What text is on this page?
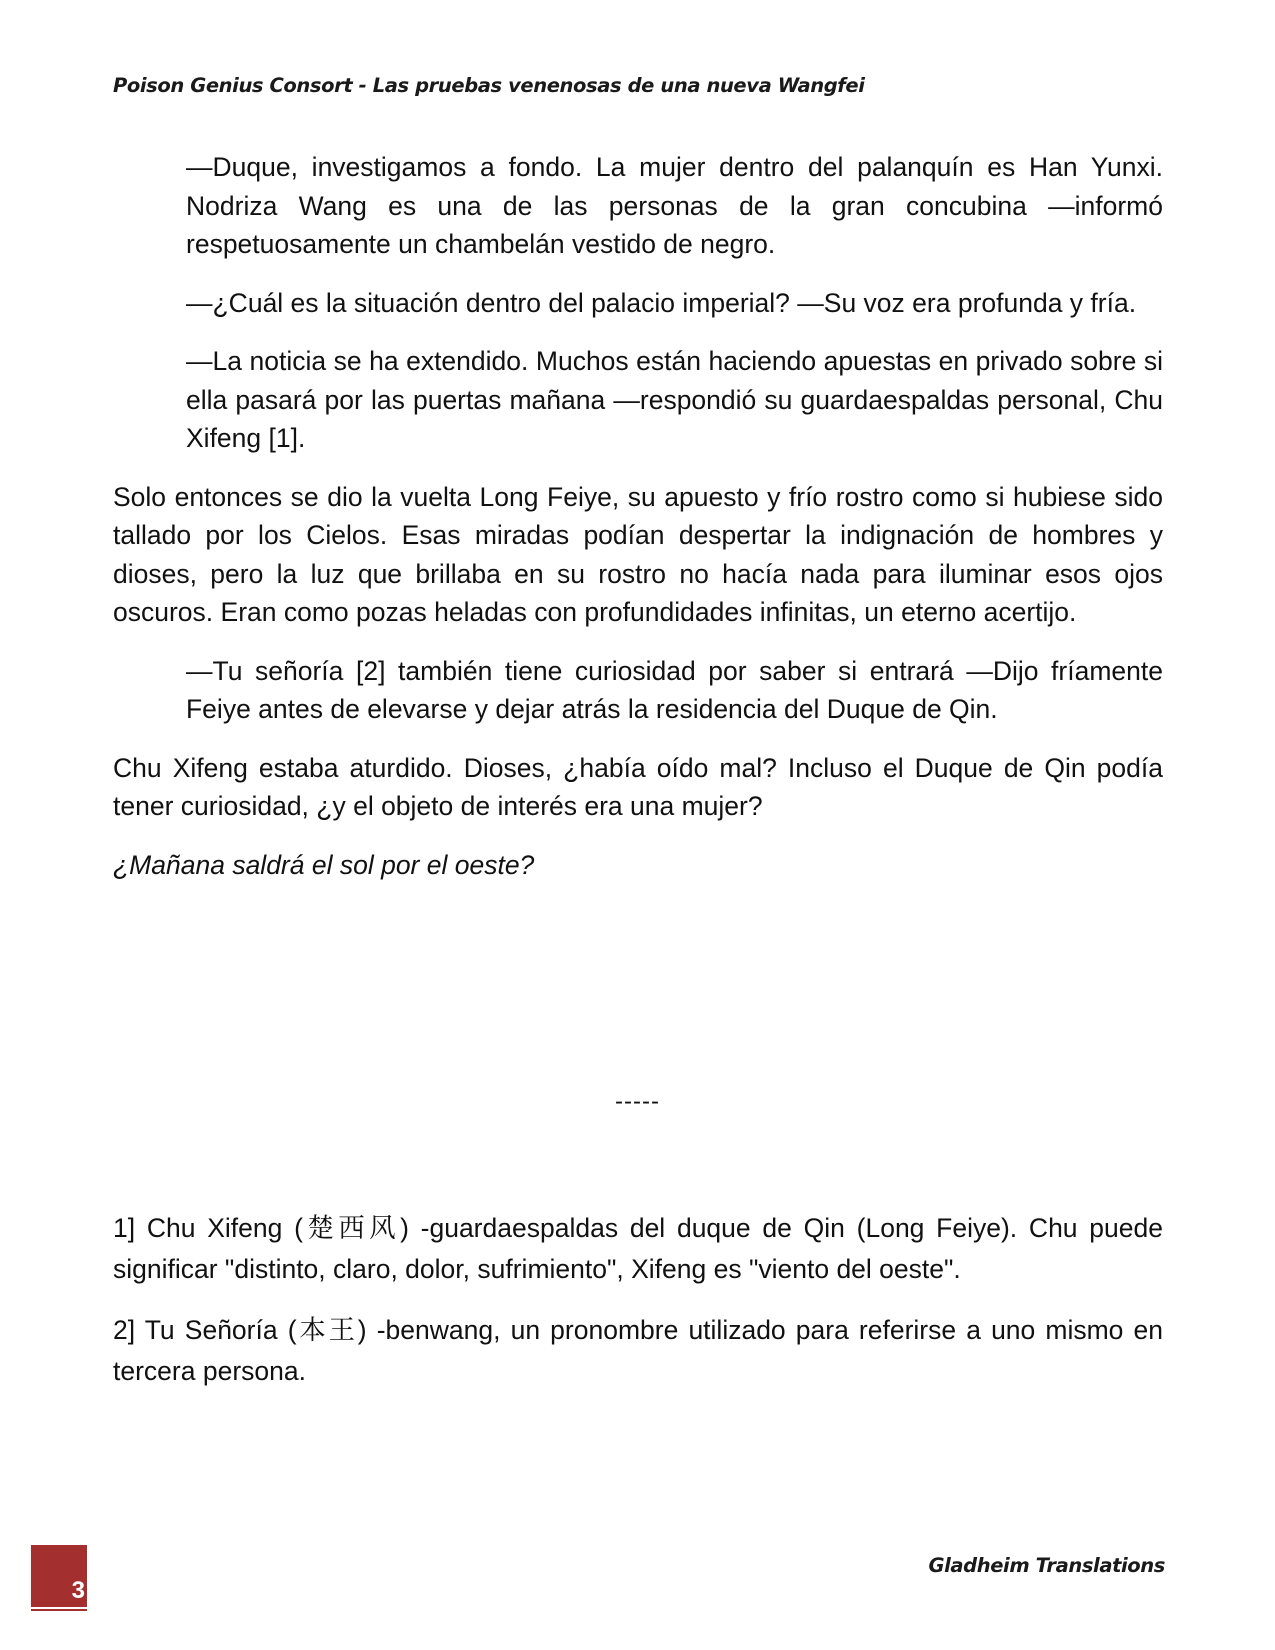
Poison Genius Consort - Las pruebas venenosas de una nueva Wangfei

—Duque, investigamos a fondo. La mujer dentro del palanquín es Han Yunxi. Nodriza Wang es una de las personas de la gran concubina —informó respetuosamente un chambelán vestido de negro.

—¿Cuál es la situación dentro del palacio imperial? —Su voz era profunda y fría.

—La noticia se ha extendido. Muchos están haciendo apuestas en privado sobre si ella pasará por las puertas mañana —respondió su guardaespaldas personal, Chu Xifeng [1].

Solo entonces se dio la vuelta Long Feiye, su apuesto y frío rostro como si hubiese sido tallado por los Cielos. Esas miradas podían despertar la indignación de hombres y dioses, pero la luz que brillaba en su rostro no hacía nada para iluminar esos ojos oscuros. Eran como pozas heladas con profundidades infinitas, un eterno acertijo.

—Tu señoría [2] también tiene curiosidad por saber si entrará —Dijo fríamente Feiye antes de elevarse y dejar atrás la residencia del Duque de Qin.

Chu Xifeng estaba aturdido. Dioses, ¿había oído mal? Incluso el Duque de Qin podía tener curiosidad, ¿y el objeto de interés era una mujer?

¿Mañana saldrá el sol por el oeste?

-----

1] Chu Xifeng (楚西风) -guardaespaldas del duque de Qin (Long Feiye). Chu puede significar "distinto, claro, dolor, sufrimiento", Xifeng es "viento del oeste".

2] Tu Señoría (本王) -benwang, un pronombre utilizado para referirse a uno mismo en tercera persona.

3
Gladheim Translations
